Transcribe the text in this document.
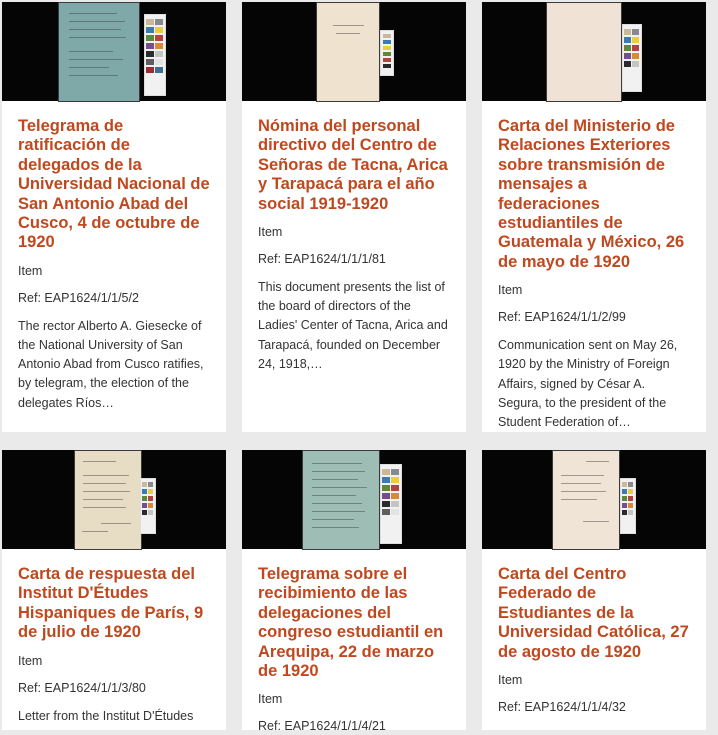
Telegrama de ratificación de delegados de la Universidad Nacional de San Antonio Abad del Cusco, 4 de octubre de 1920

Item

Ref: EAP1624/1/1/5/2

The rector Alberto A. Giesecke of the National University of San Antonio Abad from Cusco ratifies, by telegram, the election of the delegates Ríos…

Nómina del personal directivo del Centro de Señoras de Tacna, Arica y Tarapacá para el año social 1919-1920

Item

Ref: EAP1624/1/1/1/81

This document presents the list of the board of directors of the Ladies' Center of Tacna, Arica and Tarapacá, founded on December 24, 1918,…

Carta del Ministerio de Relaciones Exteriores sobre transmisión de mensajes a federaciones estudiantiles de Guatemala y México, 26 de mayo de 1920

Item

Ref: EAP1624/1/1/2/99

Communication sent on May 26, 1920 by the Ministry of Foreign Affairs, signed by César A. Segura, to the president of the Student Federation of…

Carta de respuesta del Institut D'Études Hispaniques de París, 9 de julio de 1920

Item

Ref: EAP1624/1/1/3/80

Letter from the Institut D'Études

Telegrama sobre el recibimiento de las delegaciones del congreso estudiantil en Arequipa, 22 de marzo de 1920

Item

Ref: EAP1624/1/1/4/21

Carta del Centro Federado de Estudiantes de la Universidad Católica, 27 de agosto de 1920

Item

Ref: EAP1624/1/1/4/32
